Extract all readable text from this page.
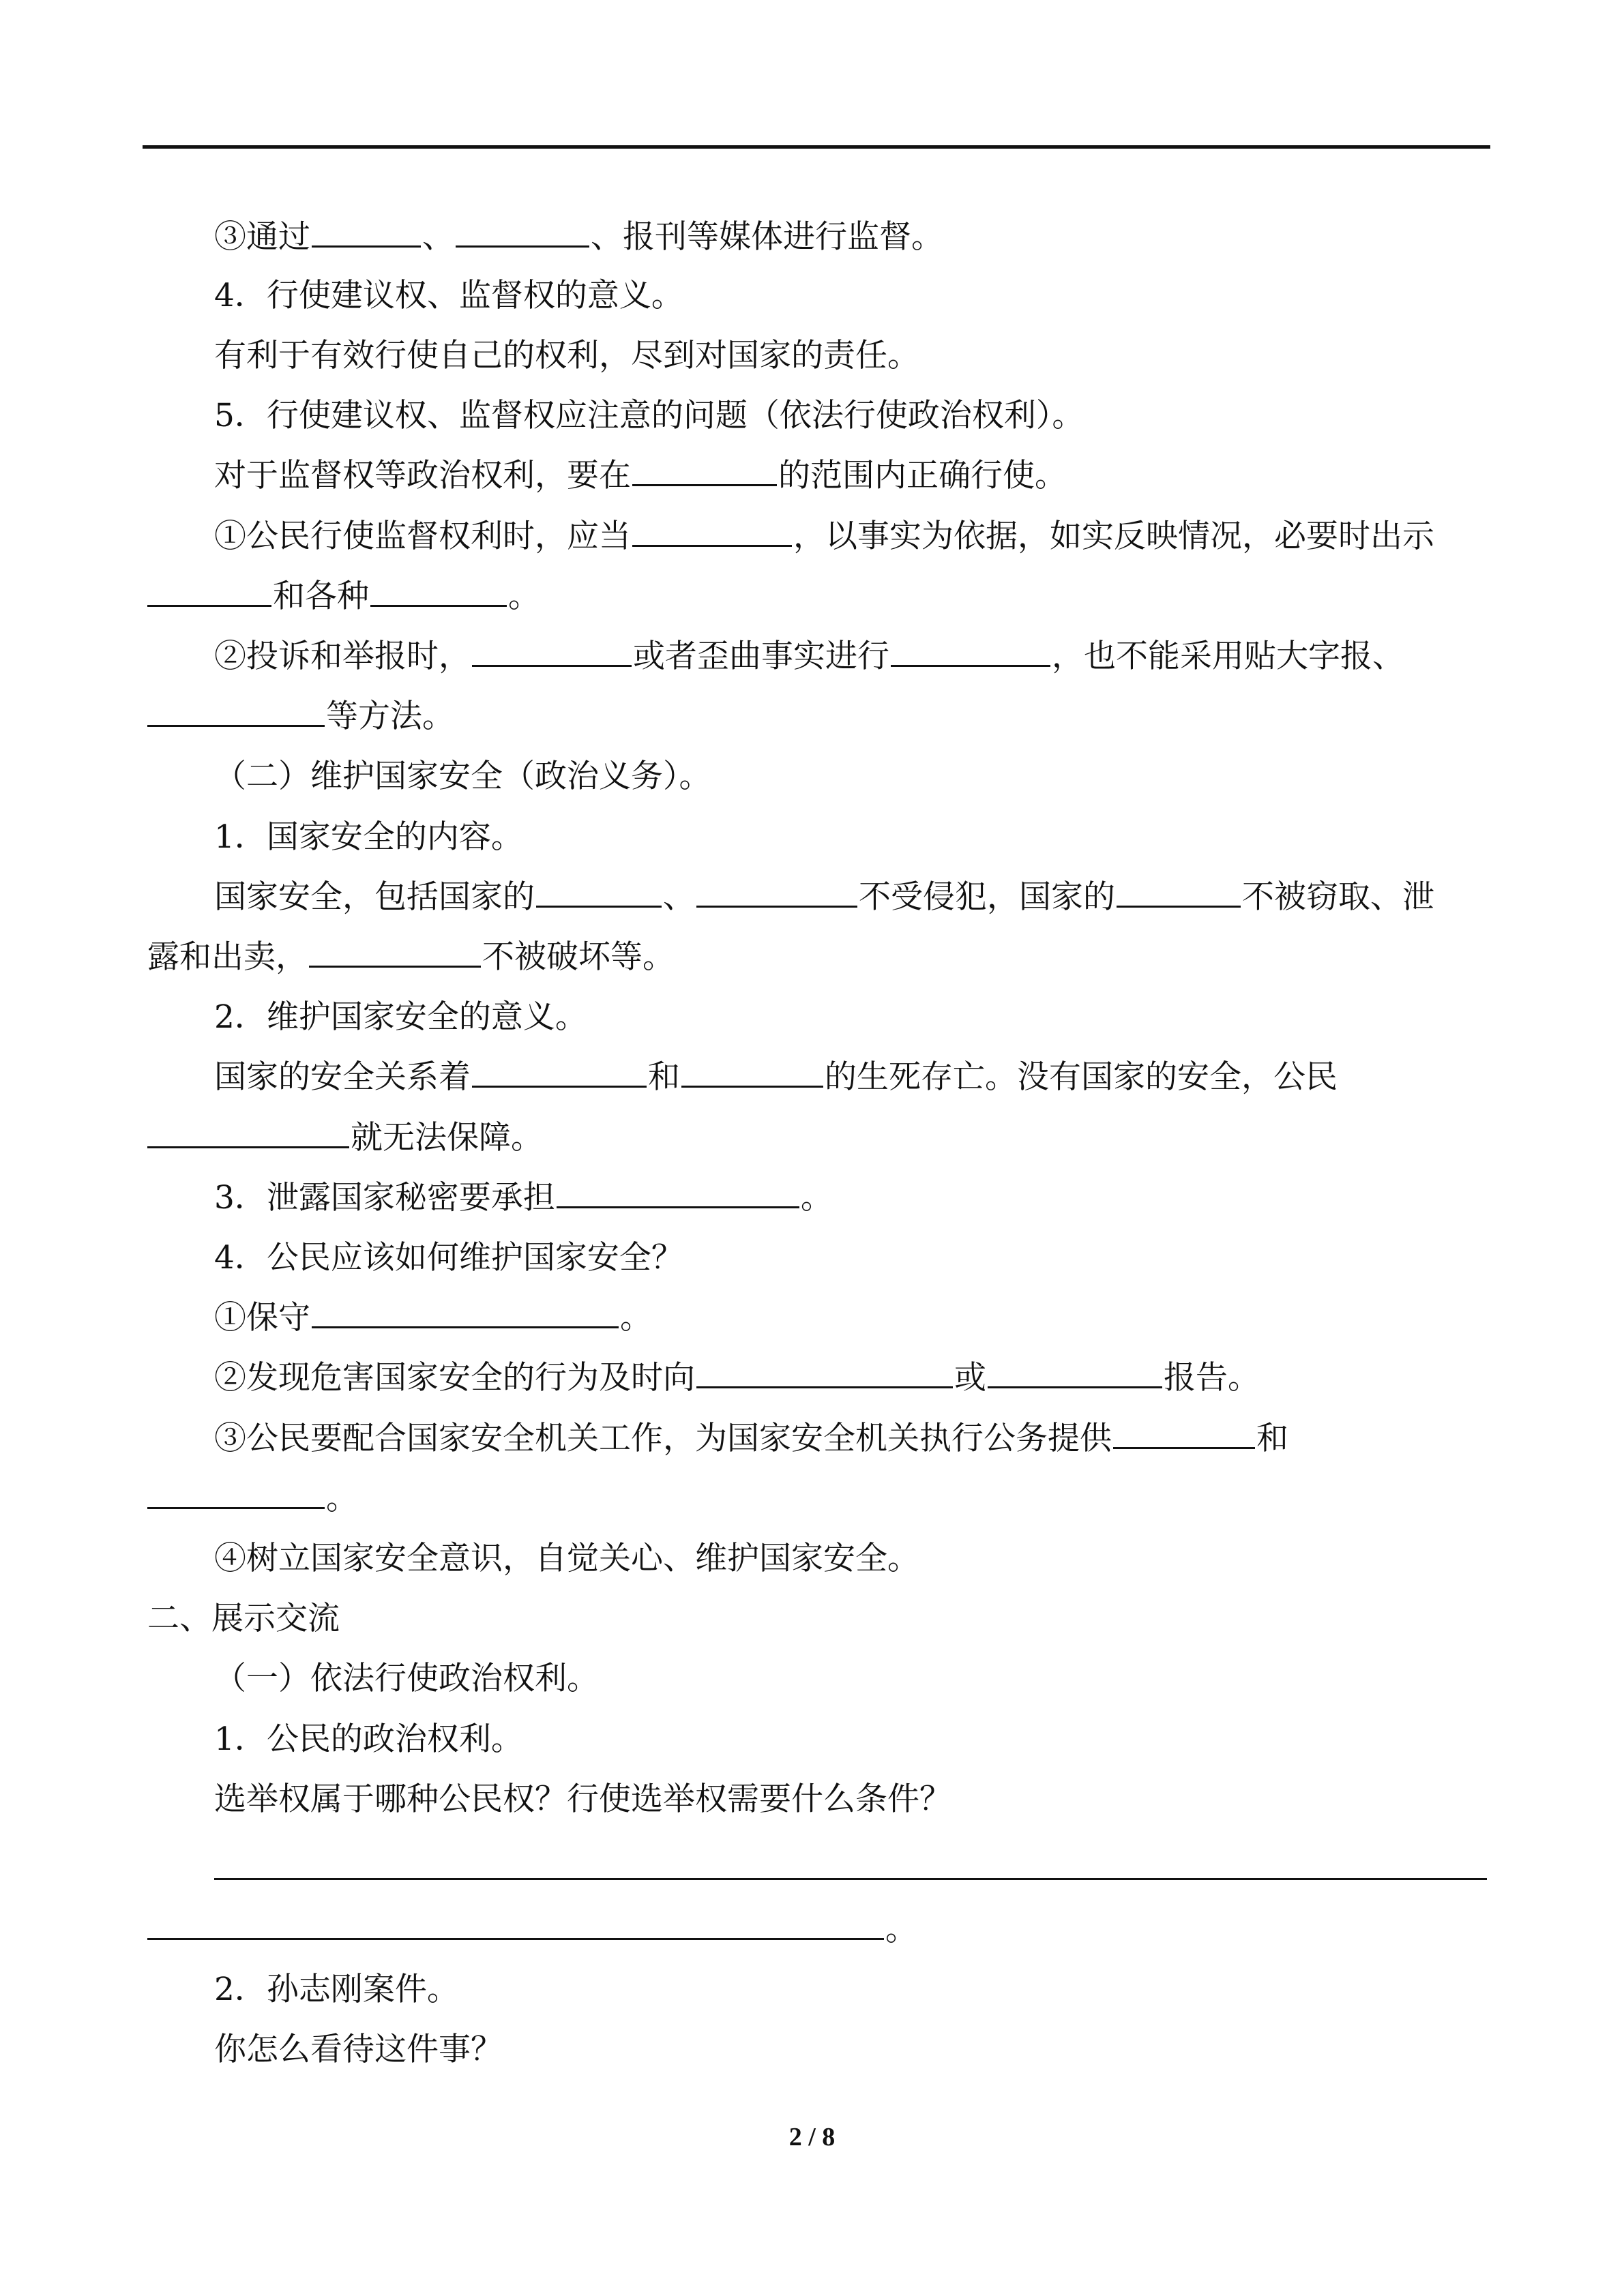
③通过	、	、报刊等媒体进行监督。
4．行使建议权、监督权的意义。
有利于有效行使自己的权利，尽到对国家的责任。
5．行使建议权、监督权应注意的问题（依法行使政治权利）。
对于监督权等政治权利，要在	的范围内正确行使。
①公民行使监督权利时，应当	，以事实为依据，如实反映情况，必要时出示
和各种	。
②投诉和举报时，	或者歪曲事实进行	，也不能采用贴大字报、
等方法。
（二）维护国家安全（政治义务）。
1．国家安全的内容。
国家安全，包括国家的	、	不受侵犯，国家的	不被窃取、泄
露和出卖，	不被破坏等。
2．维护国家安全的意义。
国家的安全关系着	和	的生死存亡。没有国家的安全，公民
就无法保障。
3．泄露国家秘密要承担	。
4．公民应该如何维护国家安全？
①保守	。
②发现危害国家安全的行为及时向	或	报告。
③公民要配合国家安全机关工作，为国家安全机关执行公务提供	和
。
④树立国家安全意识，自觉关心、维护国家安全。
二、展示交流
（一）依法行使政治权利。
1．公民的政治权利。
选举权属于哪种公民权？行使选举权需要什么条件？
。
2．孙志刚案件。
你怎么看待这件事？
2 / 8
